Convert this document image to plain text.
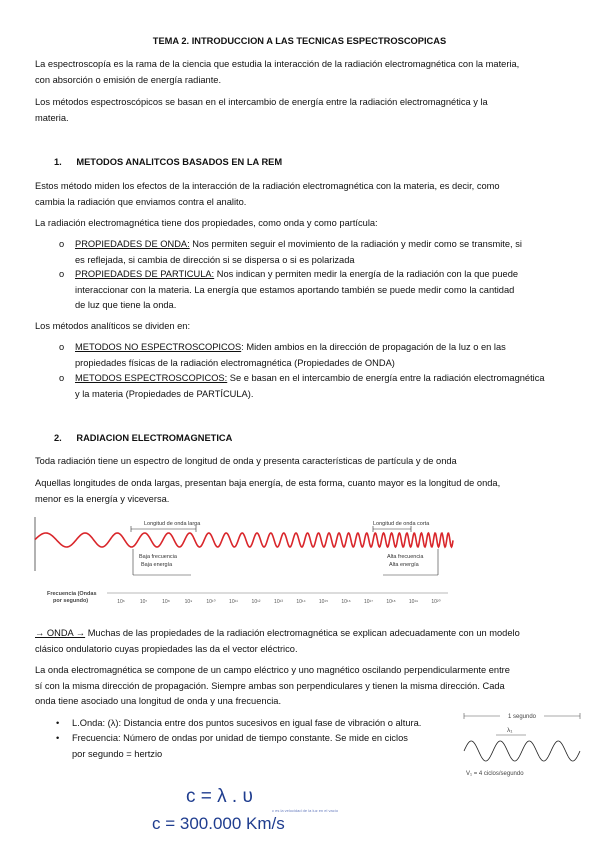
TEMA 2. INTRODUCCION A LAS TECNICAS ESPECTROSCOPICAS

La espectroscopía es la rama de la ciencia que estudia la interacción de la radiación electromagnética con la materia,
con absorción o emisión de energía radiante.

Los métodos espectroscópicos se basan en el intercambio de energía entre la radiación electromagnética y la
materia.

1. METODOS ANALITCOS BASADOS EN LA REM

Estos método miden los efectos de la interacción de la radiación electromagnética con la materia, es decir, como
cambia la radiación que enviamos contra el analito.

La radiación electromagnética tiene dos propiedades, como onda y como partícula:

o PROPIEDADES DE ONDA: Nos permiten seguir el movimiento de la radiación y medir como se transmite, si
es reflejada, si cambia de dirección si se dispersa o si es polarizada
o PROPIEDADES DE PARTICULA: Nos indican y permiten medir la energía de la radiación con la que puede
interaccionar con la materia. La energía que estamos aportando también se puede medir como la cantidad
de luz que tiene la onda.

Los métodos analíticos se dividen en:

o METODOS NO ESPECTROSCOPICOS: Miden ambios en la dirección de propagación de la luz o en las
propiedades físicas de la radiación electromagnética (Propiedades de ONDA)
o METODOS ESPECTROSCOPICOS: Se e basan en el intercambio de energía entre la radiación electromagnética
y la materia (Propiedades de PARTÍCULA).
2. RADIACION ELECTROMAGNETICA

Toda radiación tiene un espectro de longitud de onda y presenta características de partícula y de onda

Aquellas longitudes de onda largas, presentan baja energía, de esta forma, cuanto mayor es la longitud de onda,
menor es la energía y viceversa.

Longitud de onda larga	Longitud de onda corta
Baja frecuencia
Baja energía
Alta frecuencia
Alta energía
Frecuencia (Ondas
por segundo)	10⁶	10⁷	10⁸	10⁹	10¹⁰	10¹¹	10¹²	10¹³	10¹⁴	10¹⁵	10¹⁶	10¹⁷	10¹⁸	10¹⁹	10²⁰

→ ONDA → Muchas de las propiedades de la radiación electromagnética se explican adecuadamente con un modelo
clásico ondulatorio cuyas propiedades las da el vector eléctrico.

La onda electromagnética se compone de un campo eléctrico y uno magnético oscilando perpendicularmente entre
sí con la misma dirección de propagación. Siempre ambas son perpendiculares y tienen la misma dirección. Cada
onda tiene asociado una longitud de onda y una frecuencia.

• L.Onda: (λ): Distancia entre dos puntos sucesivos en igual fase de vibración o altura.
• Frecuencia: Número de ondas por unidad de tiempo constante. Se mide en ciclos
por segundo = hertzio
1 segundo
λ₁
V₁ = 4 ciclos/segundo
c = λ . υ
c es la velocidad de la luz en el vacío
c = 300.000 Km/s
